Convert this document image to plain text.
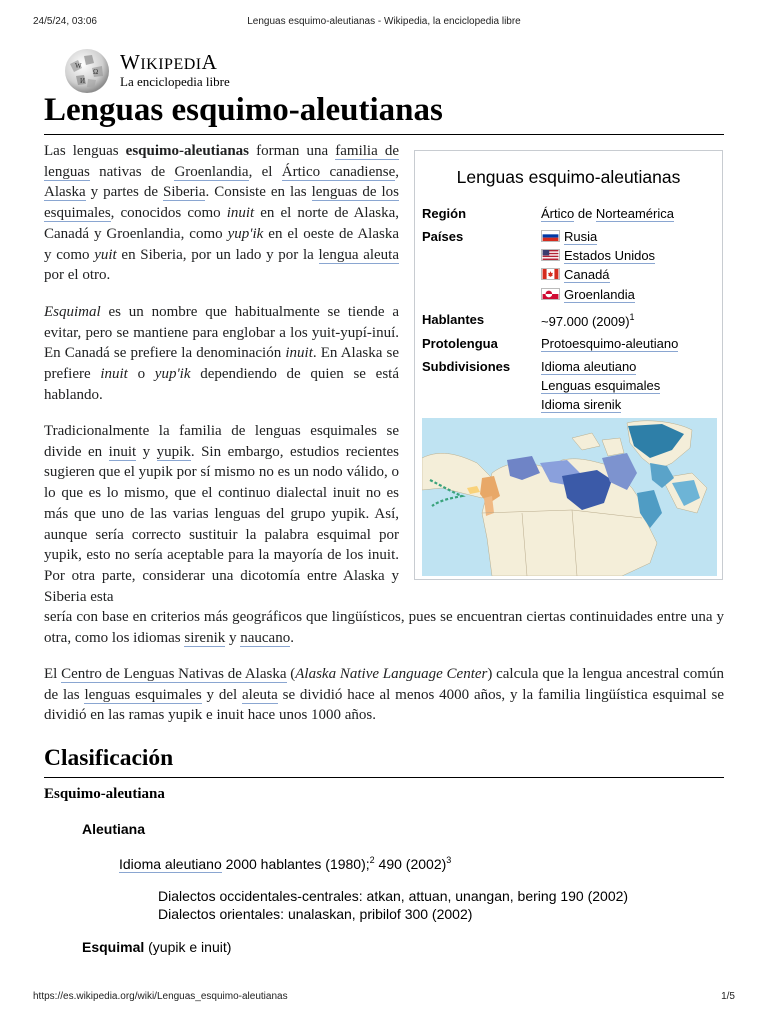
24/5/24, 03:06	Lenguas esquimo-aleutianas - Wikipedia, la enciclopedia libre
W
Ω
И
WIKIPEDIA
La enciclopedia libre
Lenguas esquimo-aleutianas

Las lenguas esquimo-aleutianas forman una familia de lenguas nativas de Groenlandia, el Ártico canadiense, Alaska y partes de Siberia. Consiste en las lenguas de los esquimales, conocidos como inuit en el norte de Alaska, Canadá y Groenlandia, como yup'ik en el oeste de Alaska y como yuit en Siberia, por un lado y por la lengua aleuta por el otro.

Esquimal es un nombre que habitualmente se tiende a evitar, pero se mantiene para englobar a los yuit-yupí-inuí. En Canadá se prefiere la denominación inuit. En Alaska se prefiere inuit o yup'ik dependiendo de quien se está hablando.

Tradicionalmente la familia de lenguas esquimales se divide en inuit y yupik. Sin embargo, estudios recientes sugieren que el yupik por sí mismo no es un nodo válido, o lo que es lo mismo, que el continuo dialectal inuit no es más que uno de las varias lenguas del grupo yupik. Así, aunque sería correcto sustituir la palabra esquimal por yupik, esto no sería aceptable para la mayoría de los inuit. Por otra parte, considerar una dicotomía entre Alaska y Siberia esta

sería con base en criterios más geográficos que lingüísticos, pues se encuentran ciertas continuidades entre una y otra, como los idiomas sirenik y naucano.

El Centro de Lenguas Nativas de Alaska (Alaska Native Language Center) calcula que la lengua ancestral común de las lenguas esquimales y del aleuta se dividió hace al menos 4000 años, y la familia lingüística esquimal se dividió en las ramas yupik e inuit hace unos 1000 años.

Lenguas esquimo-aleutianas
Región	Ártico de Norteamérica
Países	Rusia
Estados Unidos
Canadá
Groenlandia
Hablantes	~97.000 $(2009)^1$
Protolengua	Protoesquimo-aleutiano
Subdivisiones Idioma aleutiano
Lenguas esquimales
Idioma sirenik
Clasificación
Esquimo-aleutiana
Aleutiana
Idioma aleutiano 2000 hablantes (1980);$^2$ 490 $(2002)^3$
Dialectos occidentales-centrales: atkan, attuan, unangan, bering 190 (2002)
Dialectos orientales: unalaskan, pribilof 300 (2002)
Esquimal (yupik e inuit)
https://es.wikipedia.org/wiki/Lenguas_esquimo-aleutianas	1/5
